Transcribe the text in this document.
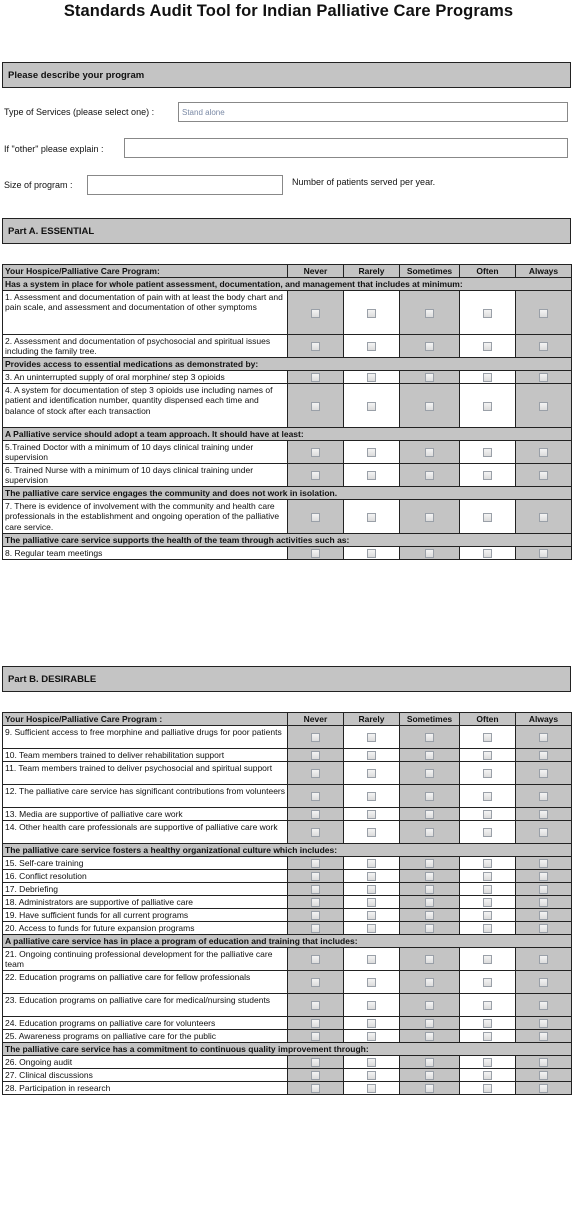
Standards Audit Tool for Indian Palliative Care Programs
Please describe your program
Type of Services (please select one) :	Stand alone
If "other" please explain :
Size of program :	Number of patients served per year.
Part A. ESSENTIAL
Your Hospice/Palliative Care Program:	Never	Rarely	Sometimes	Often	Always
Has a system in place for whole patient assessment, documentation, and management that includes at minimum:					
1. Assessment and documentation of pain with at least the body chart and pain scale, and assessment and documentation of other symptoms					
2. Assessment and documentation of psychosocial and spiritual issues including the family tree.					
Provides access to essential medications as demonstrated by:					
3. An uninterrupted supply of oral morphine/ step 3 opioids					
4. A system for documentation of step 3 opioids use including names of patient and identification number, quantity dispensed each time and balance of stock after each transaction					
A Palliative service should adopt a team approach. It should have at least:					
5.Trained Doctor with a minimum of 10 days clinical training under supervision					
6. Trained Nurse with a minimum of 10 days clinical training under supervision					
The palliative care service engages the community and does not work in isolation.					
7. There is evidence of involvement with the community and health care professionals in the establishment and ongoing operation of the palliative care service.					
The palliative care service supports the health of the team through activities such as:					
8. Regular team meetings					
Part B. DESIRABLE
Your Hospice/Palliative Care Program :	Never	Rarely	Sometimes	Often	Always
9. Sufficient access to free morphine and palliative drugs for poor patients					
10. Team members trained to deliver rehabilitation support					
11. Team members trained to deliver psychosocial and spiritual support					
12. The palliative care service has significant contributions from volunteers					
13. Media are supportive of palliative care work					
14. Other health care professionals are supportive of palliative care work					
The palliative care service fosters a healthy organizational culture which includes:					
15. Self-care training					
16. Conflict resolution					
17. Debriefing					
18. Administrators are supportive of palliative care					
19. Have sufficient funds for all current programs					
20. Access to funds for future expansion programs					
A palliative care service has in place a program of education and training that includes:					
21. Ongoing continuing professional development for the palliative care team					
22. Education programs on palliative care for fellow professionals					
23. Education programs on palliative care for medical/nursing students					
24. Education programs on palliative care for volunteers					
25. Awareness programs on palliative care for the public					
The palliative care service has a commitment to continuous quality improvement through:					
26. Ongoing audit					
27. Clinical discussions					
28. Participation in research					
